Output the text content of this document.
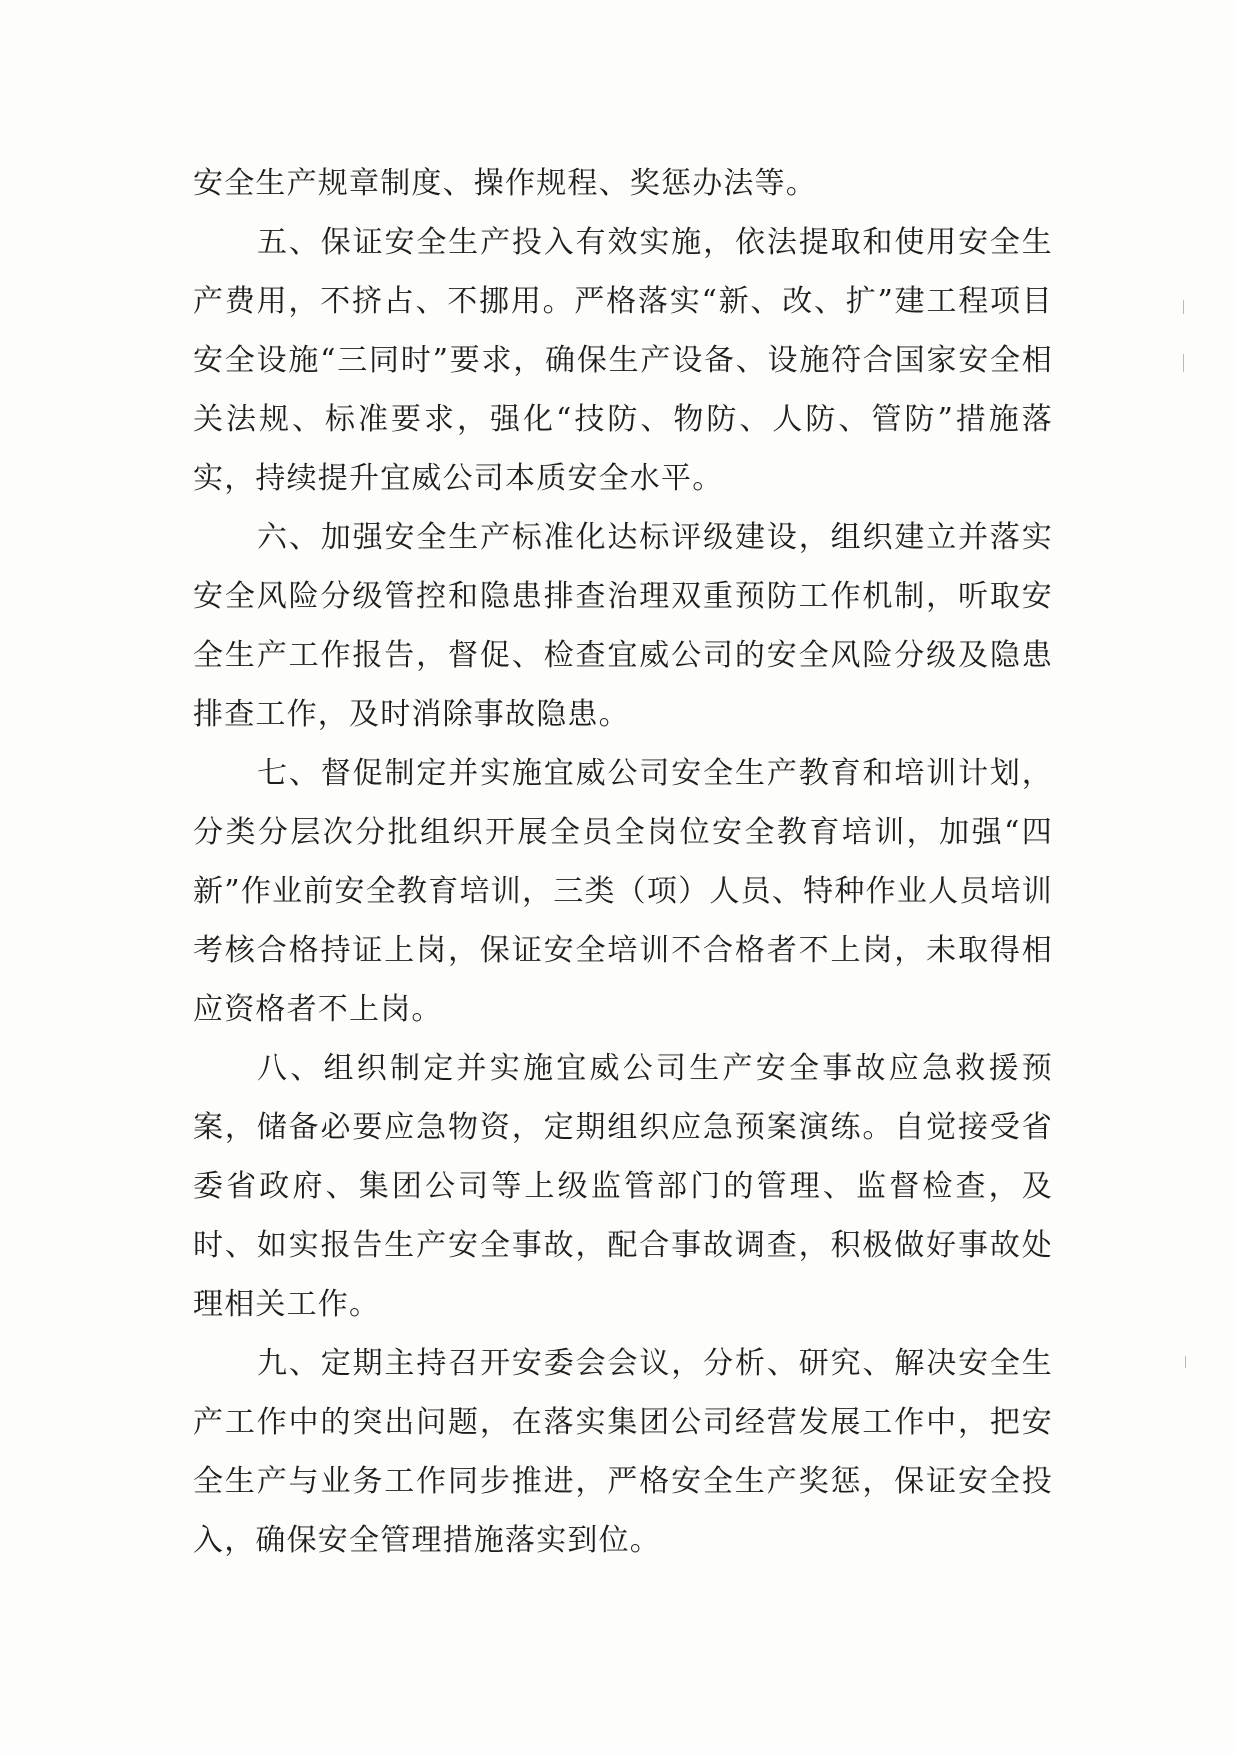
安全生产规章制度、操作规程、奖惩办法等。

五、保证安全生产投入有效实施，依法提取和使用安全生产费用，不挤占、不挪用。严格落实“新、改、扩”建工程项目安全设施“三同时”要求，确保生产设备、设施符合国家安全相关法规、标准要求，强化“技防、物防、人防、管防”措施落实，持续提升宜威公司本质安全水平。

六、加强安全生产标准化达标评级建设，组织建立并落实安全风险分级管控和隐患排查治理双重预防工作机制，听取安全生产工作报告，督促、检查宜威公司的安全风险分级及隐患排查工作，及时消除事故隐患。

七、督促制定并实施宜威公司安全生产教育和培训计划，分类分层次分批组织开展全员全岗位安全教育培训，加强“四新”作业前安全教育培训，三类（项）人员、特种作业人员培训考核合格持证上岗，保证安全培训不合格者不上岗，未取得相应资格者不上岗。

八、组织制定并实施宜威公司生产安全事故应急救援预案，储备必要应急物资，定期组织应急预案演练。自觉接受省委省政府、集团公司等上级监管部门的管理、监督检查，及时、如实报告生产安全事故，配合事故调查，积极做好事故处理相关工作。

九、定期主持召开安委会会议，分析、研究、解决安全生产工作中的突出问题，在落实集团公司经营发展工作中，把安全生产与业务工作同步推进，严格安全生产奖惩，保证安全投入，确保安全管理措施落实到位。
